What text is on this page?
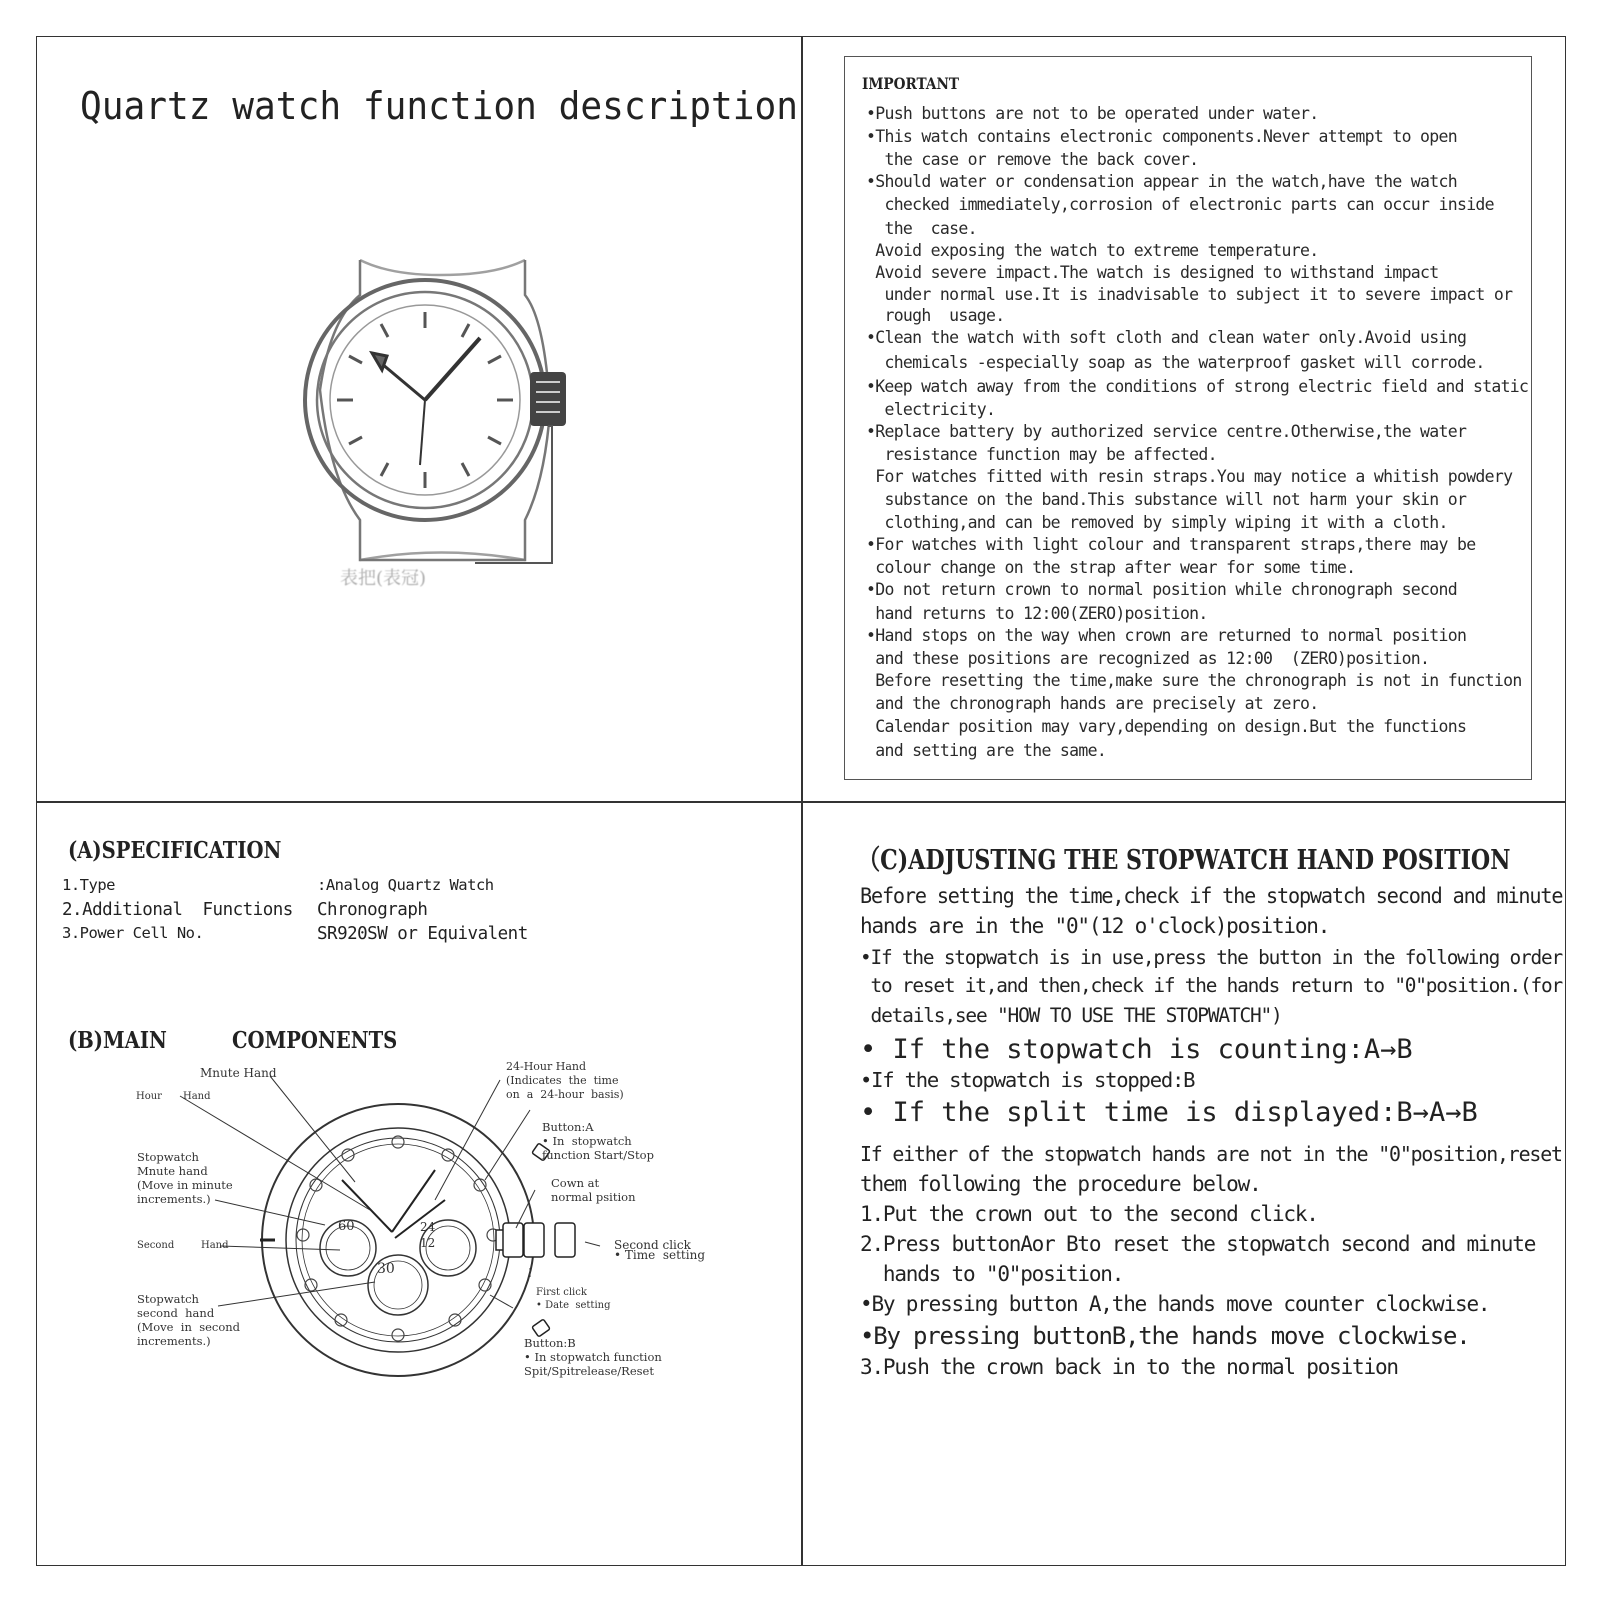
Quartz watch function description
表把(表冠)
IMPORTANT
•Push buttons are not to be operated under water.
•This watch contains electronic components.Never attempt to open
the case or remove the back cover.
•Should water or condensation appear in the watch,have the watch
checked immediately,corrosion of electronic parts can occur inside
the  case.
Avoid exposing the watch to extreme temperature.
Avoid severe impact.The watch is designed to withstand impact
under normal use.It is inadvisable to subject it to severe impact or
rough  usage.
•Clean the watch with soft cloth and clean water only.Avoid using
chemicals -especially soap as the waterproof gasket will corrode.
•Keep watch away from the conditions of strong electric field and static
electricity.
•Replace battery by authorized service centre.Otherwise,the water
resistance function may be affected.
For watches fitted with resin straps.You may notice a whitish powdery
substance on the band.This substance will not harm your skin or
clothing,and can be removed by simply wiping it with a cloth.
•For watches with light colour and transparent straps,there may be
colour change on the strap after wear for some time.
•Do not return crown to normal position while chronograph second
hand returns to 12:00(ZERO)position.
•Hand stops on the way when crown are returned to normal position
and these positions are recognized as 12:00  (ZERO)position.
Before resetting the time,make sure the chronograph is not in function
and the chronograph hands are precisely at zero.
Calendar position may vary,depending on design.But the functions
and setting are the same.
(A)SPECIFICATION
1.Type	:Analog Quartz Watch
2.Additional  Functions Chronograph
3.Power Cell No.	SR920SW or Equivalent
(B)MAIN	COMPONENTS
60
30
24
12
Hour Hand
Mnute Hand
Stopwatch
Mnute hand
(Move in minute
increments.)
Second	Hand
Stopwatch
second  hand
(Move  in  second
increments.)
24-Hour Hand
(Indicates  the  time
on  a  24-hour  basis)
Button:A
• In  stopwatch
function Start/Stop
Cown at
normal psition
Second click
• Time  setting
First click
• Date  setting
Button:B
• In stopwatch function
Spit/Spitrelease/Reset
（C)ADJUSTING THE STOPWATCH HAND POSITION
Before setting the time,check if the stopwatch second and minute
hands are in the "0"(12 o'clock)position.
•If the stopwatch is in use,press the button in the following order
to reset it,and then,check if the hands return to "0"position.(for
details,see "HOW TO USE THE STOPWATCH")
• If the stopwatch is counting:A→B
•If the stopwatch is stopped:B
• If the split time is displayed:B→A→B
If either of the stopwatch hands are not in the "0"position,reset
them following the procedure below.
1.Put the crown out to the second click.
2.Press buttonAor Bto reset the stopwatch second and minute
hands to "0"position.
•By pressing button A,the hands move counter clockwise.
•By pressing buttonB,the hands move clockwise.
3.Push the crown back in to the normal position
